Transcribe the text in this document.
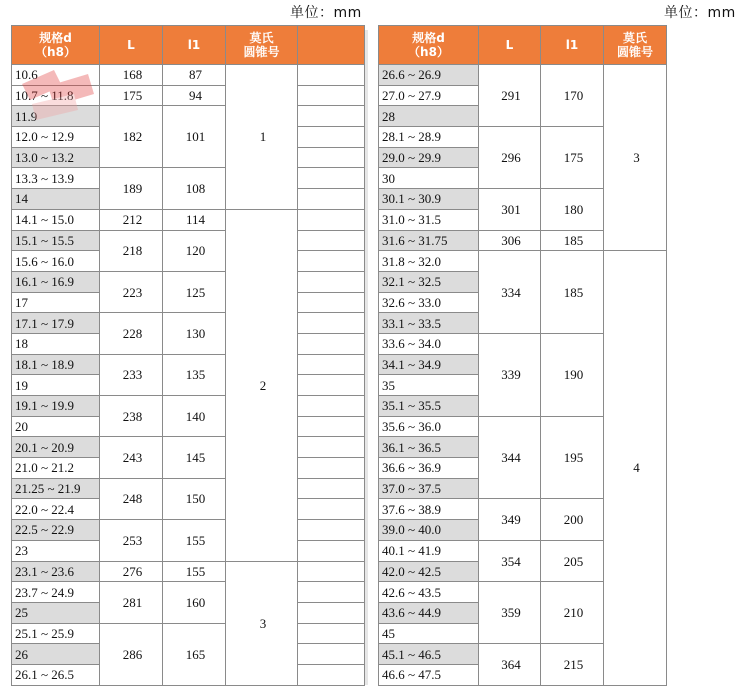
单位：mm	单位：mm
规格d
（h8）	L	l1	莫氏
圆锥号	
10.6	168	87	1	
10.7 ~ 11.8	175	94		
11.9	182	101		
12.0 ~ 12.9				
13.0 ~ 13.2				
13.3 ~ 13.9	189	108		
14				
14.1 ~ 15.0	212	114	2	
15.1 ~ 15.5	218	120		
15.6 ~ 16.0				
16.1 ~ 16.9	223	125		
17				
17.1 ~ 17.9	228	130		
18				
18.1 ~ 18.9	233	135		
19				
19.1 ~ 19.9	238	140		
20				
20.1 ~ 20.9	243	145		
21.0 ~ 21.2				
21.25 ~ 21.9	248	150		
22.0 ~ 22.4				
22.5 ~ 22.9	253	155		
23				
23.1 ~ 23.6	276	155	3	
23.7 ~ 24.9	281	160		
25				
25.1 ~ 25.9	286	165		
26				
26.1 ~ 26.5				
规格d
（h8）	L	l1	莫氏
圆锥号	
26.6 ~ 26.9	291	170	3	
27.0 ~ 27.9				
28				
28.1 ~ 28.9	296	175		
29.0 ~ 29.9				
30				
30.1 ~ 30.9	301	180		
31.0 ~ 31.5				
31.6 ~ 31.75	306	185		
31.8 ~ 32.0	334	185	4	
32.1 ~ 32.5				
32.6 ~ 33.0				
33.1 ~ 33.5				
33.6 ~ 34.0	339	190		
34.1 ~ 34.9				
35				
35.1 ~ 35.5				
35.6 ~ 36.0	344	195		
36.1 ~ 36.5				
36.6 ~ 36.9				
37.0 ~ 37.5				
37.6 ~ 38.9	349	200		
39.0 ~ 40.0				
40.1 ~ 41.9	354	205		
42.0 ~ 42.5				
42.6 ~ 43.5	359	210		
43.6 ~ 44.9				
45				
45.1 ~ 46.5	364	215		
46.6 ~ 47.5				
